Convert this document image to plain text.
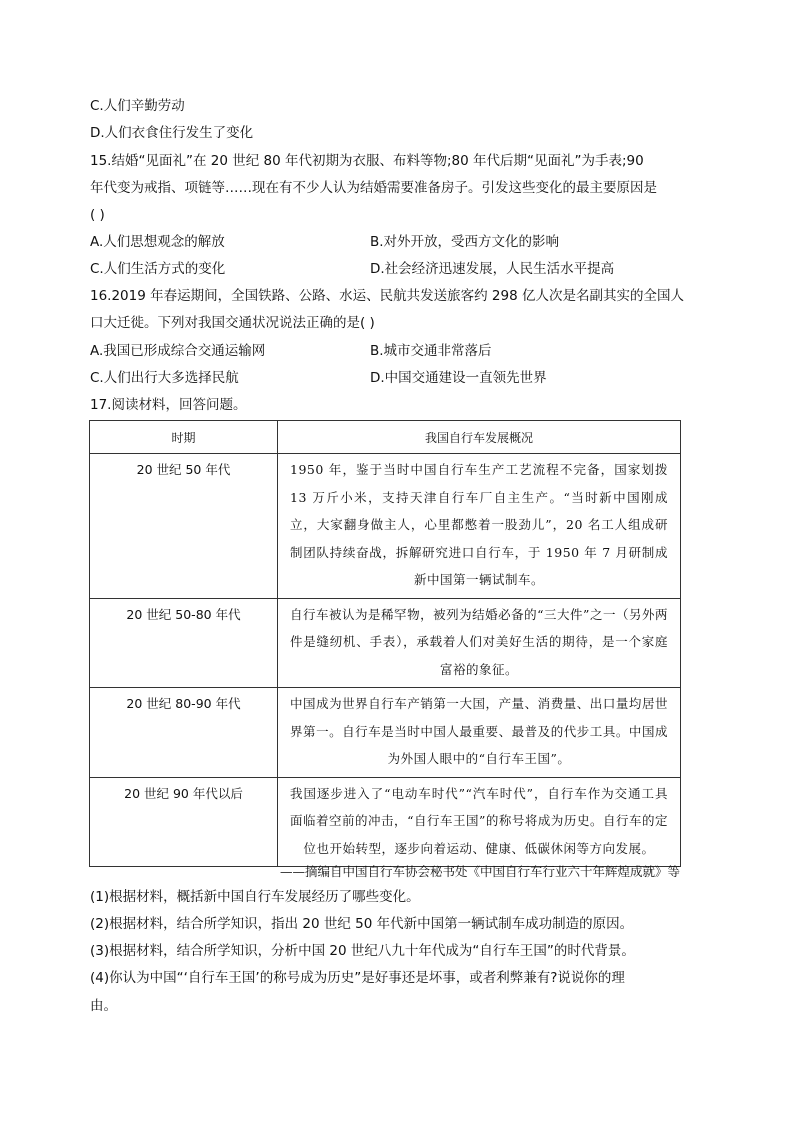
C.人们辛勤劳动
D.人们衣食住行发生了变化
15.结婚“见面礼”在 20 世纪 80 年代初期为衣服、布料等物;80 年代后期“见面礼”为手表;90
年代变为戒指、项链等……现在有不少人认为结婚需要准备房子。引发这些变化的最主要原因是
( )
A.人们思想观念的解放	B.对外开放，受西方文化的影响
C.人们生活方式的变化	D.社会经济迅速发展，人民生活水平提高
16.2019 年春运期间，全国铁路、公路、水运、民航共发送旅客约 298 亿人次是名副其实的全国人
口大迁徙。下列对我国交通状况说法正确的是( )
A.我国已形成综合交通运输网	B.城市交通非常落后
C.人们出行大多选择民航	D.中国交通建设一直领先世界
17.阅读材料，回答问题。
时期	我国自行车发展概况
20 世纪 50 年代	1950 年，鉴于当时中国自行车生产工艺流程不完备，国家划拨 13 万斤小米，支持天津自行车厂自主生产。“当时新中国刚成立，大家翻身做主人，心里都憋着一股劲儿”，20 名工人组成研制团队持续奋战，拆解研究进口自行车，于 1950 年 7 月研制成新中国第一辆试制车。
20 世纪 50-80 年代	自行车被认为是稀罕物，被列为结婚必备的“三大件”之一（另外两件是缝纫机、手表），承载着人们对美好生活的期待，是一个家庭富裕的象征。
20 世纪 80-90 年代	中国成为世界自行车产销第一大国，产量、消费量、出口量均居世界第一。自行车是当时中国人最重要、最普及的代步工具。中国成为外国人眼中的“自行车王国”。
20 世纪 90 年代以后	我国逐步进入了“电动车时代”“汽车时代”，自行车作为交通工具面临着空前的冲击，“自行车王国”的称号将成为历史。自行车的定位也开始转型，逐步向着运动、健康、低碳休闲等方向发展。
——摘编自中国自行车协会秘书处《中国自行车行业六十年辉煌成就》等
(1)根据材料，概括新中国自行车发展经历了哪些变化。
(2)根据材料，结合所学知识，指出 20 世纪 50 年代新中国第一辆试制车成功制造的原因。
(3)根据材料，结合所学知识，分析中国 20 世纪八九十年代成为“自行车王国”的时代背景。
(4)你认为中国“‘自行车王国’的称号成为历史”是好事还是坏事，或者利弊兼有?说说你的理
由。
